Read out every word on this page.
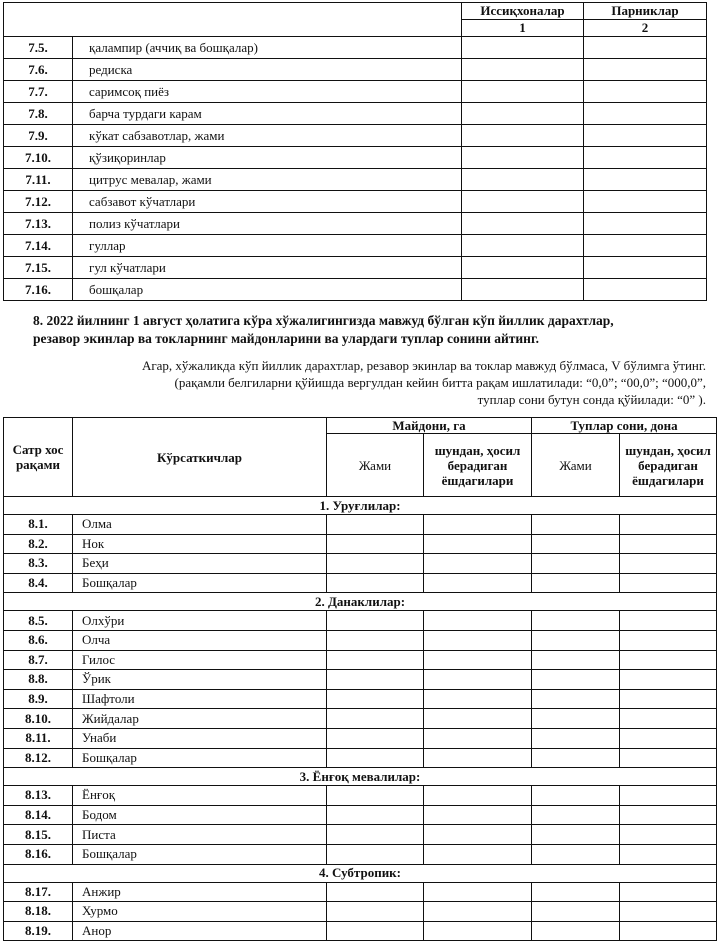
		Иссиқхоналар	Парниклар
		1	2
7.5.	қалампир (аччиқ ва бошқалар)		
7.6.	редиска		
7.7.	саримсоқ пиёз		
7.8.	барча турдаги карам		
7.9.	кўкат сабзавотлар, жами		
7.10.	қўзиқоринлар		
7.11.	цитрус мевалар, жами		
7.12.	сабзавот кўчатлари		
7.13.	полиз кўчатлари		
7.14.	гуллар		
7.15.	гул кўчатлари		
7.16.	бошқалар		
8. 2022 йилнинг 1 август ҳолатига кўра хўжалигингизда мавжуд бўлган кўп йиллик дарахтлар,
резавор экинлар ва токларнинг майдонларини ва улардаги туплар сонини айтинг.
Агар, хўжаликда кўп йиллик дарахтлар, резавор экинлар ва токлар мавжуд бўлмаса, V бўлимга ўтинг.
(рақамли белгиларни қўйишда вергулдан кейин битта рақам ишлатилади: “0,0”; “00,0”; “000,0”,
туплар сони бутун сонда қўйилади: “0” ).
Сатр хос рақами	Кўрсаткичлар	Майдони, га		Туплар сони, дона	
		Жами	шундан, ҳосил берадиган ёшдагилари	Жами	шундан, ҳосил берадиган ёшдагилари
1. Уруғлилар:					
8.1.	Олма				
8.2.	Нок				
8.3.	Беҳи				
8.4.	Бошқалар				
2. Данаклилар:					
8.5.	Олхўри				
8.6.	Олча				
8.7.	Гилос				
8.8.	Ўрик				
8.9.	Шафтоли				
8.10.	Жийдалар				
8.11.	Унаби				
8.12.	Бошқалар				
3. Ёнғоқ мевалилар:					
8.13.	Ёнғоқ				
8.14.	Бодом				
8.15.	Писта				
8.16.	Бошқалар				
4. Субтропик:					
8.17.	Анжир				
8.18.	Хурмо				
8.19.	Анор				
